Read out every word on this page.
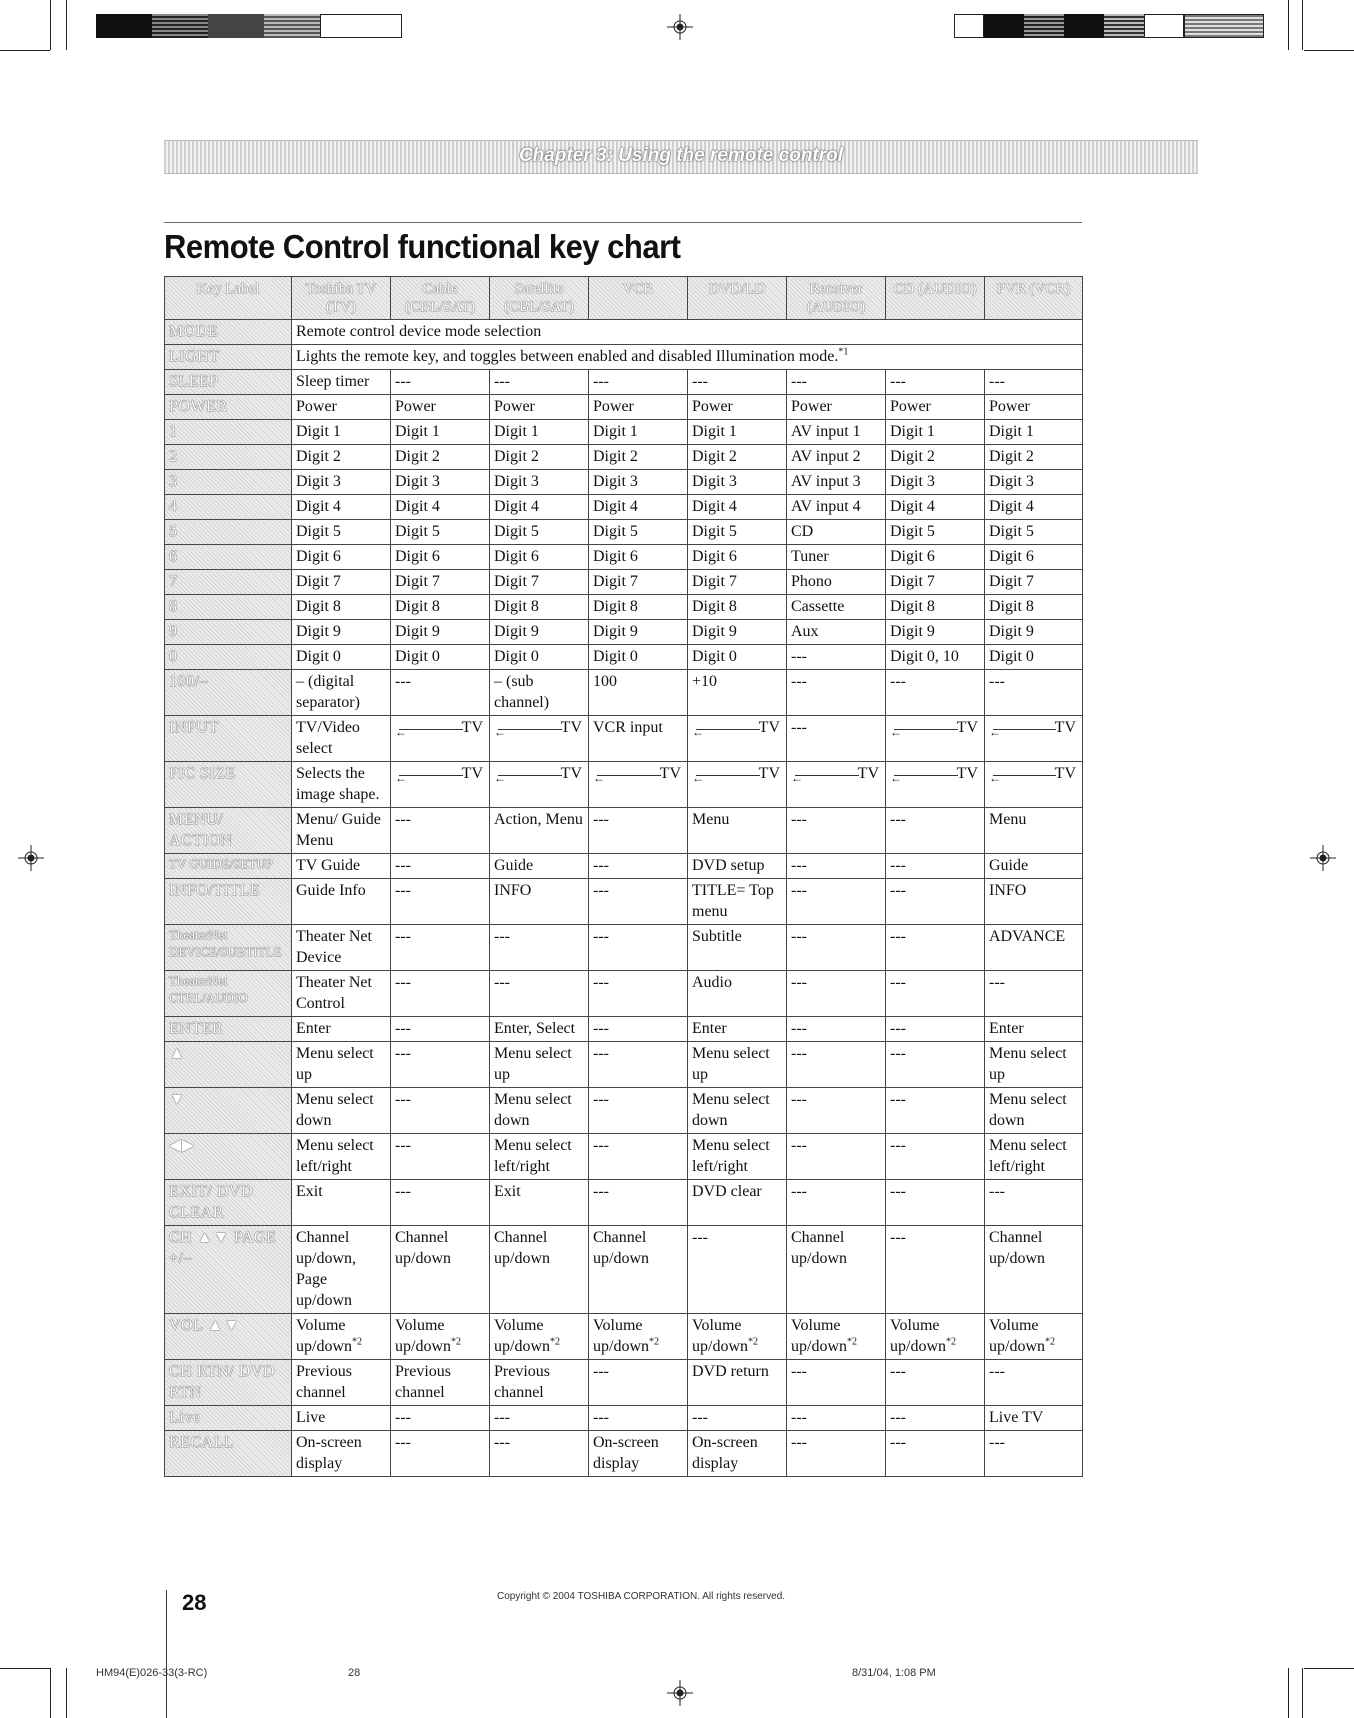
Chapter 3: Using the remote control
Remote Control functional key chart
Key Label	Toshiba TV (TV)	Cable (CBL/SAT)	Satellite (CBL/SAT)	VCR	DVD/LD	Receiver (AUDIO)	CD (AUDIO)	PVR (VCR)
MODE	Remote control device mode selection							
LIGHT	Lights the remote key, and toggles between enabled and disabled Illumination mode.$^{*1}$
SLEEP	Sleep timer	---	---	---	---	---	---	---
POWER	Power	Power	Power	Power	Power	Power	Power	Power
1	Digit 1	Digit 1	Digit 1	Digit 1	Digit 1	AV input 1	Digit 1	Digit 1
2	Digit 2	Digit 2	Digit 2	Digit 2	Digit 2	AV input 2	Digit 2	Digit 2
3	Digit 3	Digit 3	Digit 3	Digit 3	Digit 3	AV input 3	Digit 3	Digit 3
4	Digit 4	Digit 4	Digit 4	Digit 4	Digit 4	AV input 4	Digit 4	Digit 4
5	Digit 5	Digit 5	Digit 5	Digit 5	Digit 5	CD	Digit 5	Digit 5
6	Digit 6	Digit 6	Digit 6	Digit 6	Digit 6	Tuner	Digit 6	Digit 6
7	Digit 7	Digit 7	Digit 7	Digit 7	Digit 7	Phono	Digit 7	Digit 7
8	Digit 8	Digit 8	Digit 8	Digit 8	Digit 8	Cassette	Digit 8	Digit 8
9	Digit 9	Digit 9	Digit 9	Digit 9	Digit 9	Aux	Digit 9	Digit 9
0	Digit 0	Digit 0	Digit 0	Digit 0	Digit 0	---	Digit 0, 10	Digit 0
100/–	– (digital separator)	---	– (sub channel)	100	+10	---	---	---
INPUT	TV/Video select	← TV	← TV	VCR input	← TV	---	← TV	← TV

PIC SIZE	Selects the image shape.	← TV	← TV	← TV	← TV	← TV	← TV	← TV

MENU/ ACTION	Menu/ Guide Menu	---	Action, Menu	---	Menu	---	---	Menu
TV GUIDE/SETUP	TV Guide	---	Guide	---	DVD setup	---	---	Guide
INFO/TITLE	Guide Info	---	INFO	---	TITLE= Top menu	---	---	INFO
TheaterNet DEVICE/SUBTITLE	Theater Net Device	---	---	---	Subtitle	---	---	ADVANCE
TheaterNet CTRL/AUDIO	Theater Net Control	---	---	---	Audio	---	---	---
ENTER	Enter	---	Enter, Select	---	Enter	---	---	Enter
▲	Menu select up	---	Menu select up	---	Menu select up	---	---	Menu select up
▼	Menu select down	---	Menu select down	---	Menu select down	---	---	Menu select down
◀▶	Menu select left/right	---	Menu select left/right	---	Menu select left/right	---	---	Menu select left/right
EXIT/ DVD CLEAR	Exit	---	Exit	---	DVD clear	---	---	---
CH ▲▼ PAGE +/–	Channel up/down, Page up/down	Channel up/down	Channel up/down	Channel up/down	---	Channel up/down	---	Channel up/down
VOL ▲▼	Volume up/down$^{*2}$	Volume up/down$^{*2}$	Volume up/down$^{*2}$	Volume up/down$^{*2}$	Volume up/down$^{*2}$	Volume up/down$^{*2}$	Volume up/down$^{*2}$	Volume up/down$^{*2}$
CH RTN/ DVD RTN	Previous channel	Previous channel	Previous channel	---	DVD return	---	---	---
Live	Live	---	---	---	---	---	---	Live TV
RECALL	On-screen display	---	---	On-screen display	On-screen display	---	---	---
28	Copyright © 2004 TOSHIBA CORPORATION. All rights reserved.
HM94(E)026-33(3-RC)	28	8/31/04, 1:08 PM
